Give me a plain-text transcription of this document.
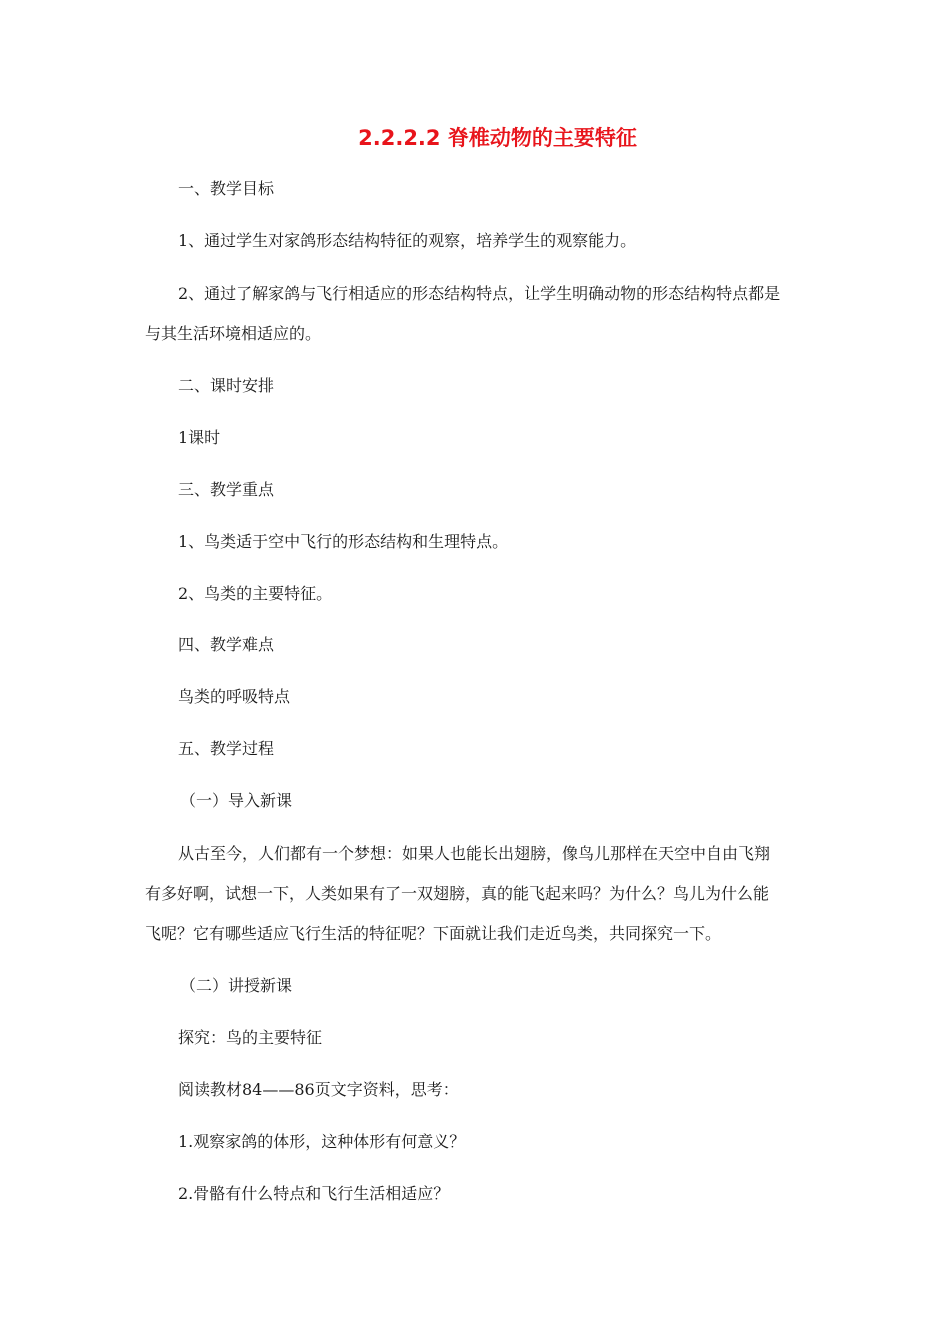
2.2.2.2 脊椎动物的主要特征
一、教学目标
1、通过学生对家鸽形态结构特征的观察，培养学生的观察能力。
2、通过了解家鸽与飞行相适应的形态结构特点，让学生明确动物的形态结构特点都是
与其生活环境相适应的。
二、课时安排
1课时
三、教学重点
1、鸟类适于空中飞行的形态结构和生理特点。
2、鸟类的主要特征。
四、教学难点
鸟类的呼吸特点
五、教学过程
（一）导入新课
从古至今，人们都有一个梦想：如果人也能长出翅膀，像鸟儿那样在天空中自由飞翔
有多好啊，试想一下，人类如果有了一双翅膀，真的能飞起来吗？为什么？鸟儿为什么能
飞呢？它有哪些适应飞行生活的特征呢？下面就让我们走近鸟类，共同探究一下。
（二）讲授新课
探究：鸟的主要特征
阅读教材84——86页文字资料，思考：
1.观察家鸽的体形，这种体形有何意义？
2.骨骼有什么特点和飞行生活相适应？
